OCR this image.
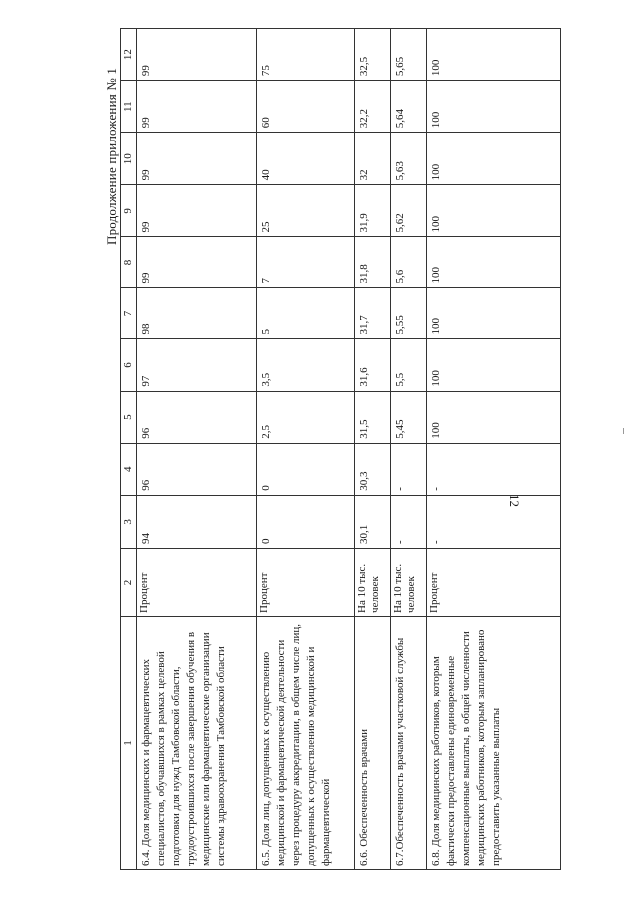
12
Продолжение приложения № 1
1	2	3	4	5	6	7	8	9	10	11	12
6.4. Доля медицинских и фармацевтических специалистов, обучавшихся в рамках целевой подготовки для нужд Тамбовской области, трудоустроившихся после завершения обучения в медицинские или фармацевтические организации системы здравоохранения Тамбовской области	Процент	94	96	96	97	98	99	99	99	99	99
6.5. Доля лиц, допущенных к осуществлению медицинской и фармацевтической деятельности через процедуру аккредитации, в общем числе лиц, допущенных к осуществлению медицинской и фармацевтической	Процент	0	0	2,5	3,5	5	7	25	40	60	75
6.6. Обеспеченность врачами	На 10 тыс. человек	30,1	30,3	31,5	31,6	31,7	31,8	31,9	32	32,2	32,5
6.7.Обеспеченность врачами участковой службы	На 10 тыс. человек	-	-	5,45	5,5	5,55	5,6	5,62	5,63	5,64	5,65
6.8. Доля медицинских работников, которым фактически предоставлены единовременные компенсационные выплаты, в общей численности медицинских работников, которым запланировано предоставить указанные выплаты	Процент	-	-	100	100	100	100	100	100	100	100
